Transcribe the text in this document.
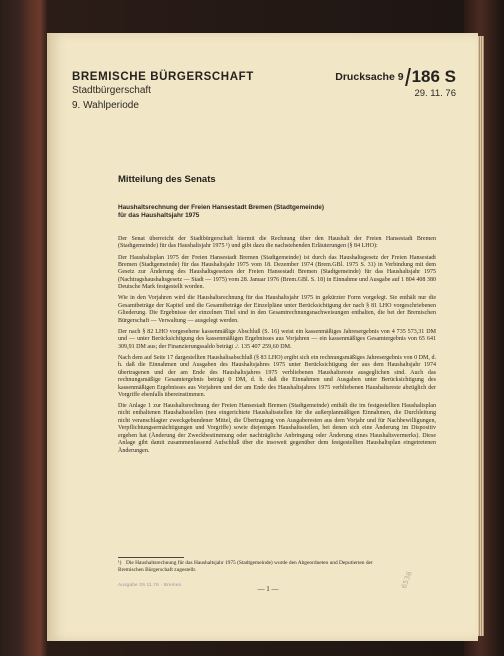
BREMISCHE BÜRGERSCHAFT
Stadtbürgerschaft
9. Wahlperiode
Drucksache 9 186 S
29. 11. 76
Mitteilung des Senats
Haushaltsrechnung der Freien Hansestadt Bremen (Stadtgemeinde)
für das Haushaltsjahr 1975

Der Senat überreicht der Stadtbürgerschaft hiermit die Rechnung über den Haushalt der Freien Hansestadt Bremen (Stadtgemeinde) für das Haushaltsjahr 1975 ¹) und gibt dazu die nachstehenden Erläuterungen (§ 84 LHO):

Der Haushaltsplan 1975 der Freien Hansestadt Bremen (Stadtgemeinde) ist durch das Haushaltsgesetz der Freien Hansestadt Bremen (Stadtgemeinde) für das Haushaltsjahr 1975 vom 18. Dezember 1974 (Brem.GBl. 1975 S. 31) in Verbindung mit dem Gesetz zur Änderung des Haushaltsgesetzes der Freien Hansestadt Bremen (Stadtgemeinde) für das Haushaltsjahr 1975 (Nachtragshaushaltsgesetz — Stadt — 1975) vom 28. Januar 1976 (Brem.GBl. S. 18) in Einnahme und Ausgabe auf 1 804 408 380 Deutsche Mark festgestellt worden.

Wie in den Vorjahren wird die Haushaltsrechnung für das Haushaltsjahr 1975 in gekürzter Form vorgelegt. Sie enthält nur die Gesamtbeträge der Kapitel und die Gesamtbeträge der Einzelpläne unter Berücksichtigung der nach § 81 LHO vorgeschriebenen Gliederung. Die Ergebnisse der einzelnen Titel sind in den Gesamtrechnungsnachweisungen enthalten, die bei der Bremischen Bürgerschaft — Verwaltung — ausgelegt werden.

Der nach § 82 LHO vorgesehene kassenmäßige Abschluß (S. 16) weist ein kassenmäßiges Jahresergebnis von 4 735 573,31 DM und — unter Berücksichtigung des kassenmäßigen Ergebnisses aus Vorjahren — ein kassenmäßiges Gesamtergebnis von 65 641 309,91 DM aus; der Finanzierungssaldo beträgt ./. 135 407 259,60 DM.

Nach dem auf Seite 17 dargestellten Haushaltsabschluß (§ 83 LHO) ergibt sich ein rechnungsmäßiges Jahresergebnis von 0 DM, d. h. daß die Einnahmen und Ausgaben des Haushaltsjahres 1975 unter Berücksichtigung der aus dem Haushaltsjahr 1974 übertragenen und der am Ende des Haushaltsjahres 1975 verbliebenen Haushaltsreste ausgeglichen sind. Auch das rechnungsmäßige Gesamtergebnis beträgt 0 DM, d. h. daß die Einnahmen und Ausgaben unter Berücksichtigung des kassenmäßigen Ergebnisses aus Vorjahren und der am Ende des Haushaltsjahres 1975 verbliebenen Haushaltsreste abzüglich der Vorgriffe ebenfalls übereinstimmen.

Die Anlage 1 zur Haushaltsrechnung der Freien Hansestadt Bremen (Stadtgemeinde) enthält die im festgestellten Haushaltsplan nicht enthaltenen Haushaltsstellen (neu eingerichtete Haushaltsstellen für die außerplanmäßigen Einnahmen, die Durchleitung nicht veranschlagter zweckgebundener Mittel, die Übertragung von Ausgaberesten aus dem Vorjahr und für Nachbewilligungen, Verpflichtungsermächtigungen und Vorgriffe) sowie diejenigen Haushaltsstellen, bei denen sich eine Änderung im Dispositiv ergeben hat (Änderung der Zweckbestimmung oder nachträgliche Anbringung oder Änderung eines Haushaltsvermerks). Diese Anlage gibt damit zusammenfassend Aufschluß über die insoweit gegenüber dem festgestellten Haushaltsplan eingetretenen Änderungen.

¹) Die Haushaltsrechnung für das Haushaltsjahr 1975 (Stadtgemeinde) wurde den Abgeordneten und Deputierten der Bremischen Bürgerschaft zugestellt.
Ausgabe 29.11.76 · Bremen
— 1 —	6536
